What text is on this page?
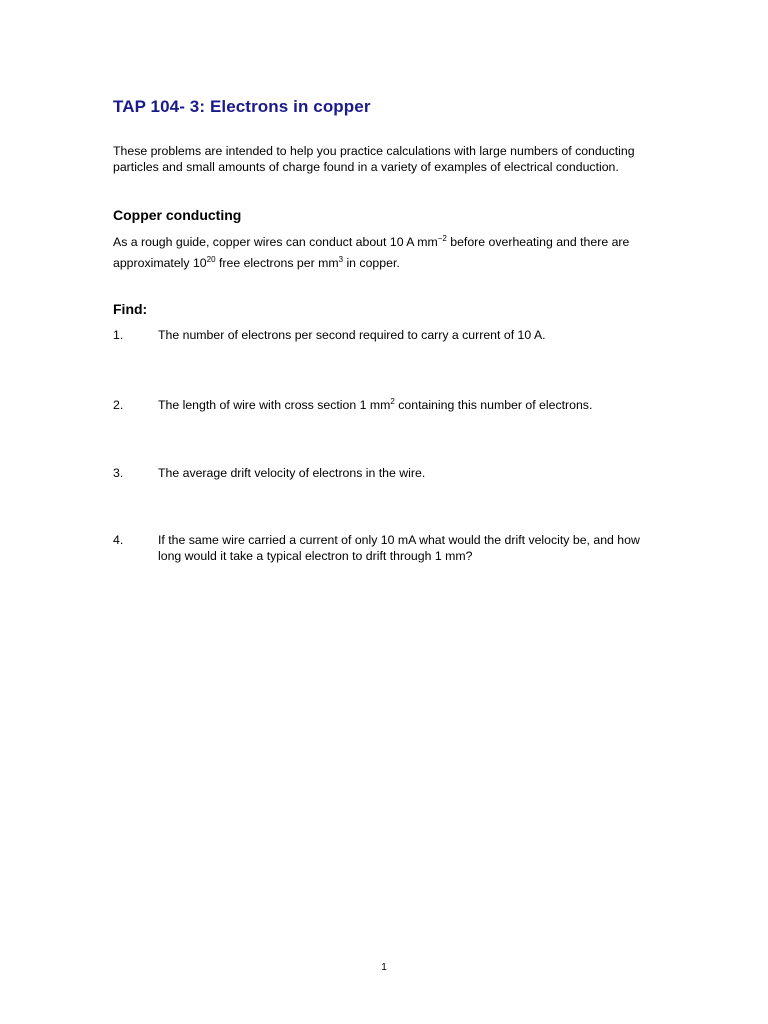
TAP 104- 3: Electrons in copper

These problems are intended to help you practice calculations with large numbers of conducting particles and small amounts of charge found in a variety of examples of electrical conduction.

Copper conducting

As a rough guide, copper wires can conduct about 10 A $mm^{-2}$ before overheating and there are approximately $10^{20}$ free electrons per $mm^3$ in copper.

Find:
1.	The number of electrons per second required to carry a current of 10 A.
2.	The length of wire with cross section 1 $mm^2$ containing this number of electrons.
3.	The average drift velocity of electrons in the wire.
4.	If the same wire carried a current of only 10 mA what would the drift velocity be, and how long would it take a typical electron to drift through 1 mm?
1
